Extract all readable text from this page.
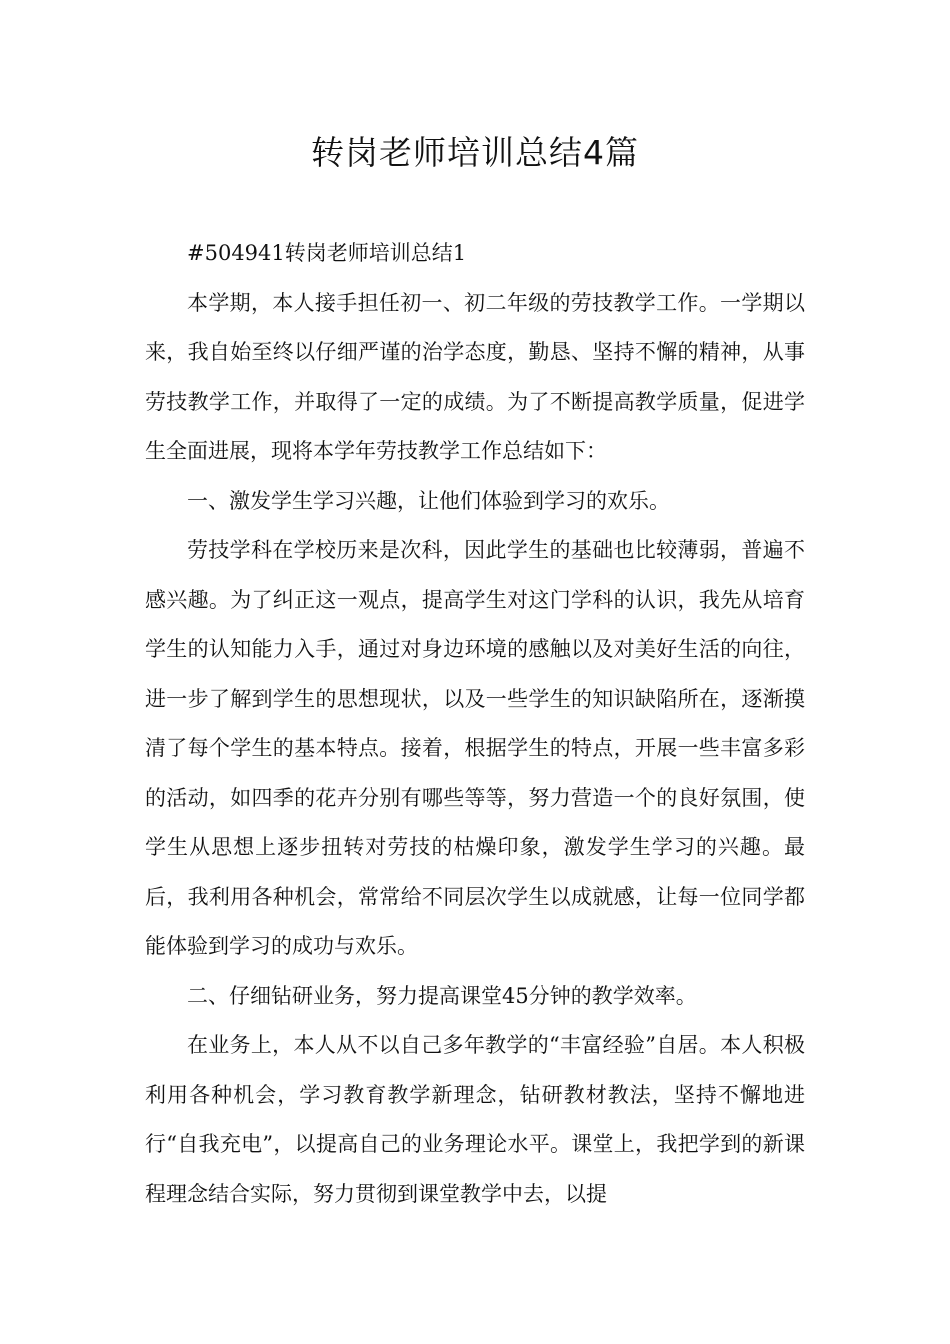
转岗老师培训总结4篇

#504941转岗老师培训总结1

本学期，本人接手担任初一、初二年级的劳技教学工作。一学期以来，我自始至终以仔细严谨的治学态度，勤恳、坚持不懈的精神，从事劳技教学工作，并取得了一定的成绩。为了不断提高教学质量，促进学生全面进展，现将本学年劳技教学工作总结如下：

一、激发学生学习兴趣，让他们体验到学习的欢乐。

劳技学科在学校历来是次科，因此学生的基础也比较薄弱，普遍不感兴趣。为了纠正这一观点，提高学生对这门学科的认识，我先从培育学生的认知能力入手，通过对身边环境的感触以及对美好生活的向往，进一步了解到学生的思想现状，以及一些学生的知识缺陷所在，逐渐摸清了每个学生的基本特点。接着，根据学生的特点，开展一些丰富多彩的活动，如四季的花卉分别有哪些等等，努力营造一个的良好氛围，使学生从思想上逐步扭转对劳技的枯燥印象，激发学生学习的兴趣。最后，我利用各种机会，常常给不同层次学生以成就感，让每一位同学都能体验到学习的成功与欢乐。

二、仔细钻研业务，努力提高课堂45分钟的教学效率。

在业务上，本人从不以自己多年教学的“丰富经验”自居。本人积极利用各种机会，学习教育教学新理念，钻研教材教法，坚持不懈地进行“自我充电”，以提高自己的业务理论水平。课堂上，我把学到的新课程理念结合实际，努力贯彻到课堂教学中去，以提
